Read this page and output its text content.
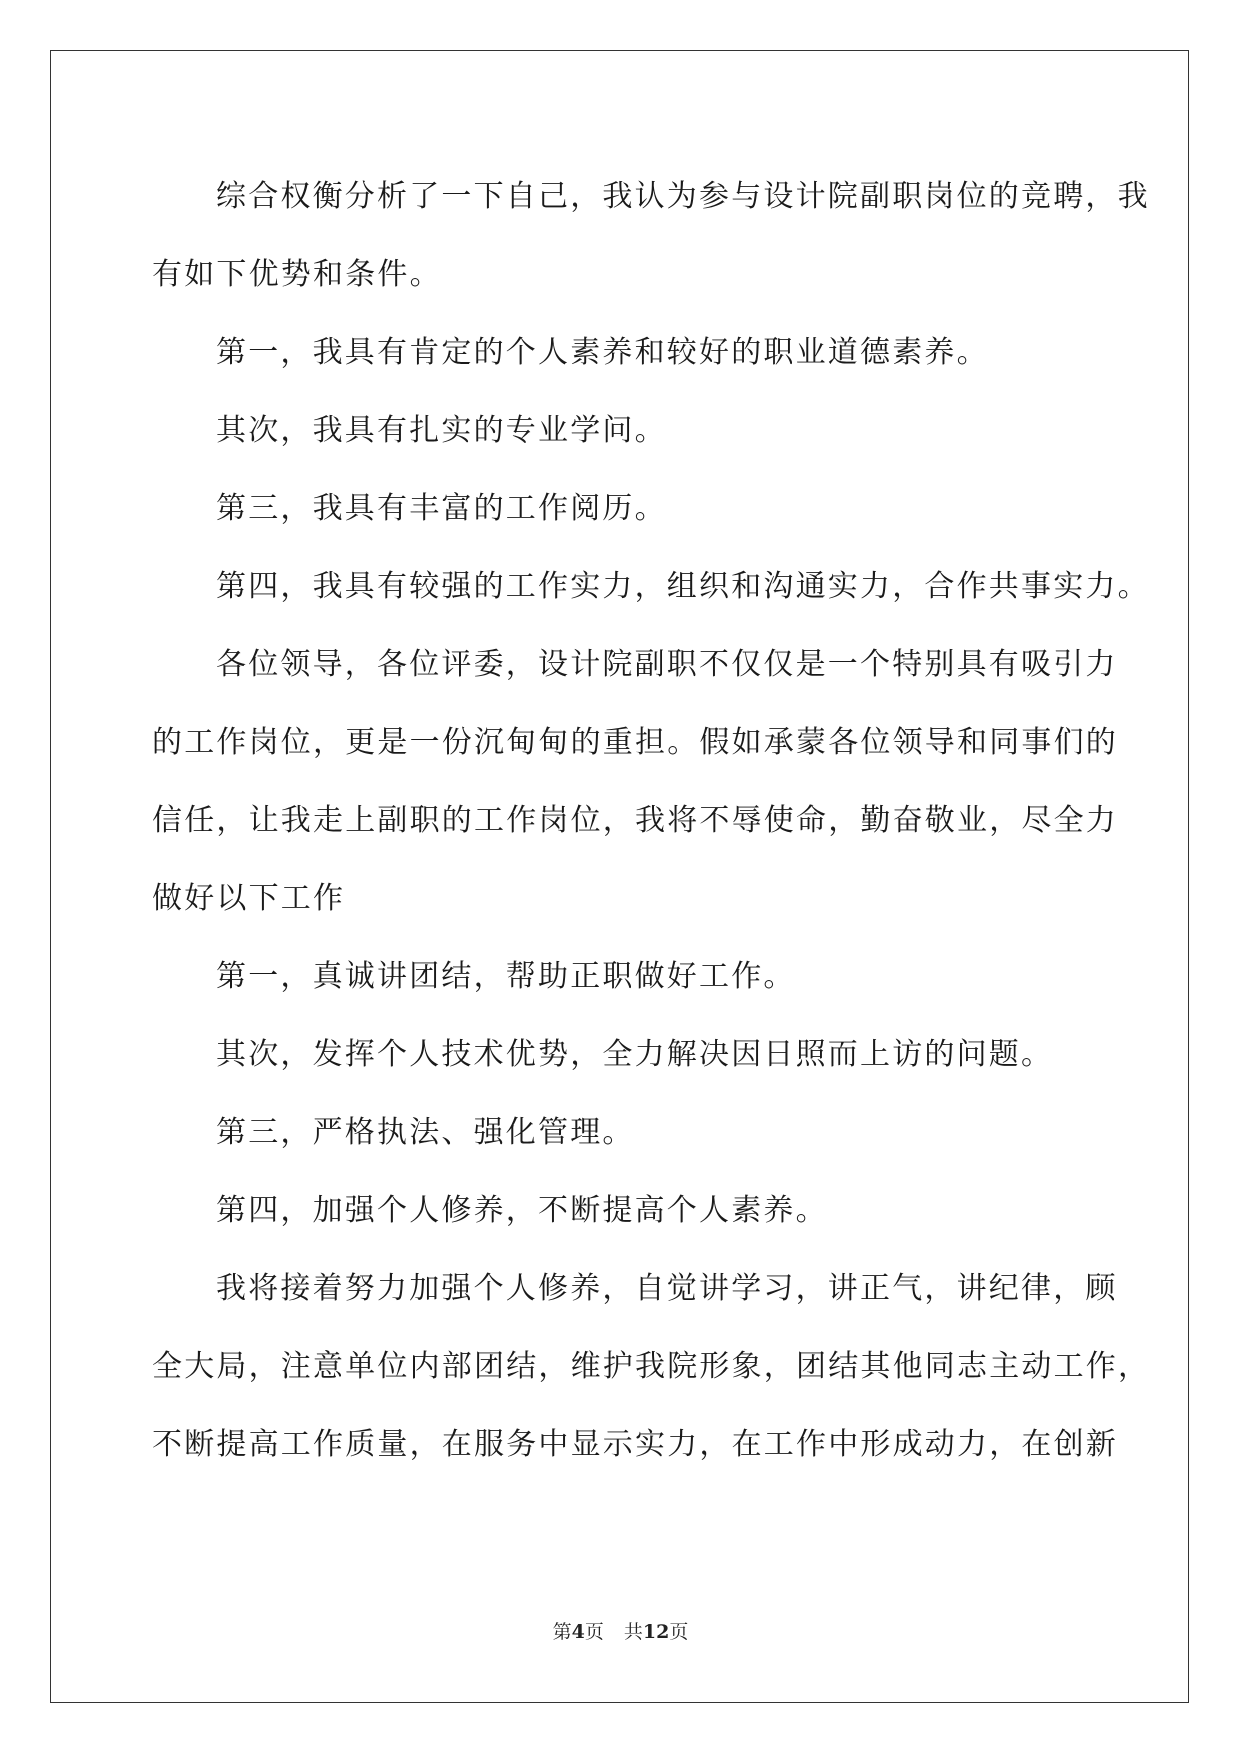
综合权衡分析了一下自己，我认为参与设计院副职岗位的竞聘，我

有如下优势和条件。

第一，我具有肯定的个人素养和较好的职业道德素养。

其次，我具有扎实的专业学问。

第三，我具有丰富的工作阅历。

第四，我具有较强的工作实力，组织和沟通实力，合作共事实力。

各位领导，各位评委，设计院副职不仅仅是一个特别具有吸引力

的工作岗位，更是一份沉甸甸的重担。假如承蒙各位领导和同事们的

信任，让我走上副职的工作岗位，我将不辱使命，勤奋敬业，尽全力

做好以下工作

第一，真诚讲团结，帮助正职做好工作。

其次，发挥个人技术优势，全力解决因日照而上访的问题。

第三，严格执法、强化管理。

第四，加强个人修养，不断提高个人素养。

我将接着努力加强个人修养，自觉讲学习，讲正气，讲纪律，顾

全大局，注意单位内部团结，维护我院形象，团结其他同志主动工作，

不断提高工作质量，在服务中显示实力，在工作中形成动力，在创新

第4页 共12页
